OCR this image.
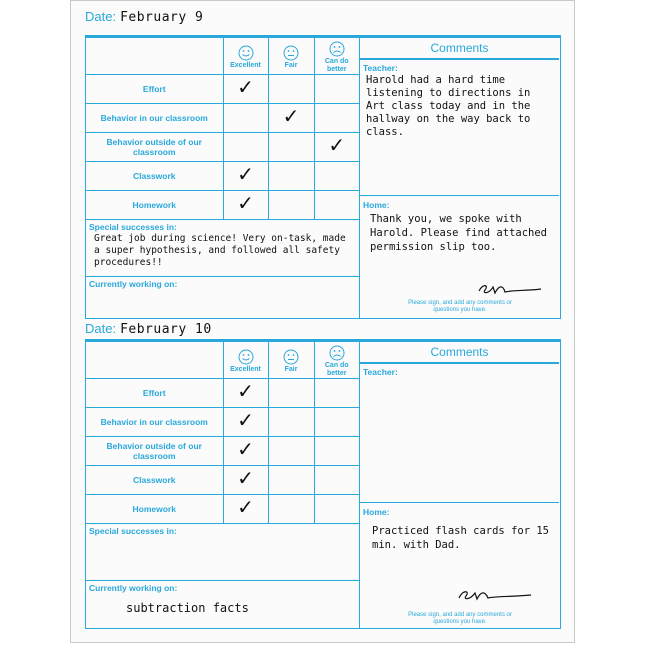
Date: February 9

	Excellent	Fair	Can do better

Effort	✓		
Behavior in our classroom		✓	
Behavior outside of our classroom			✓
Classwork	✓		
Homework	✓		
Special successes in:
Great job during science! Very on-task, made a super hypothesis, and followed all safety procedures!!
Currently working on:
Comments
Teacher:
Harold had a hard time listening to directions in Art class today and in the hallway on the way back to class.
Home:
Thank you, we spoke with Harold. Please find attached permission slip too.
Please sign, and add any comments or questions you have.
Date: February 10

	Excellent	Fair	Can do better

Effort	✓		
Behavior in our classroom	✓		
Behavior outside of our classroom	✓		
Classwork	✓		
Homework	✓		
Special successes in:
Currently working on:
subtraction facts
Comments
Teacher:
Home:
Practiced flash cards for 15 min. with Dad.
Please sign, and add any comments or questions you have.
